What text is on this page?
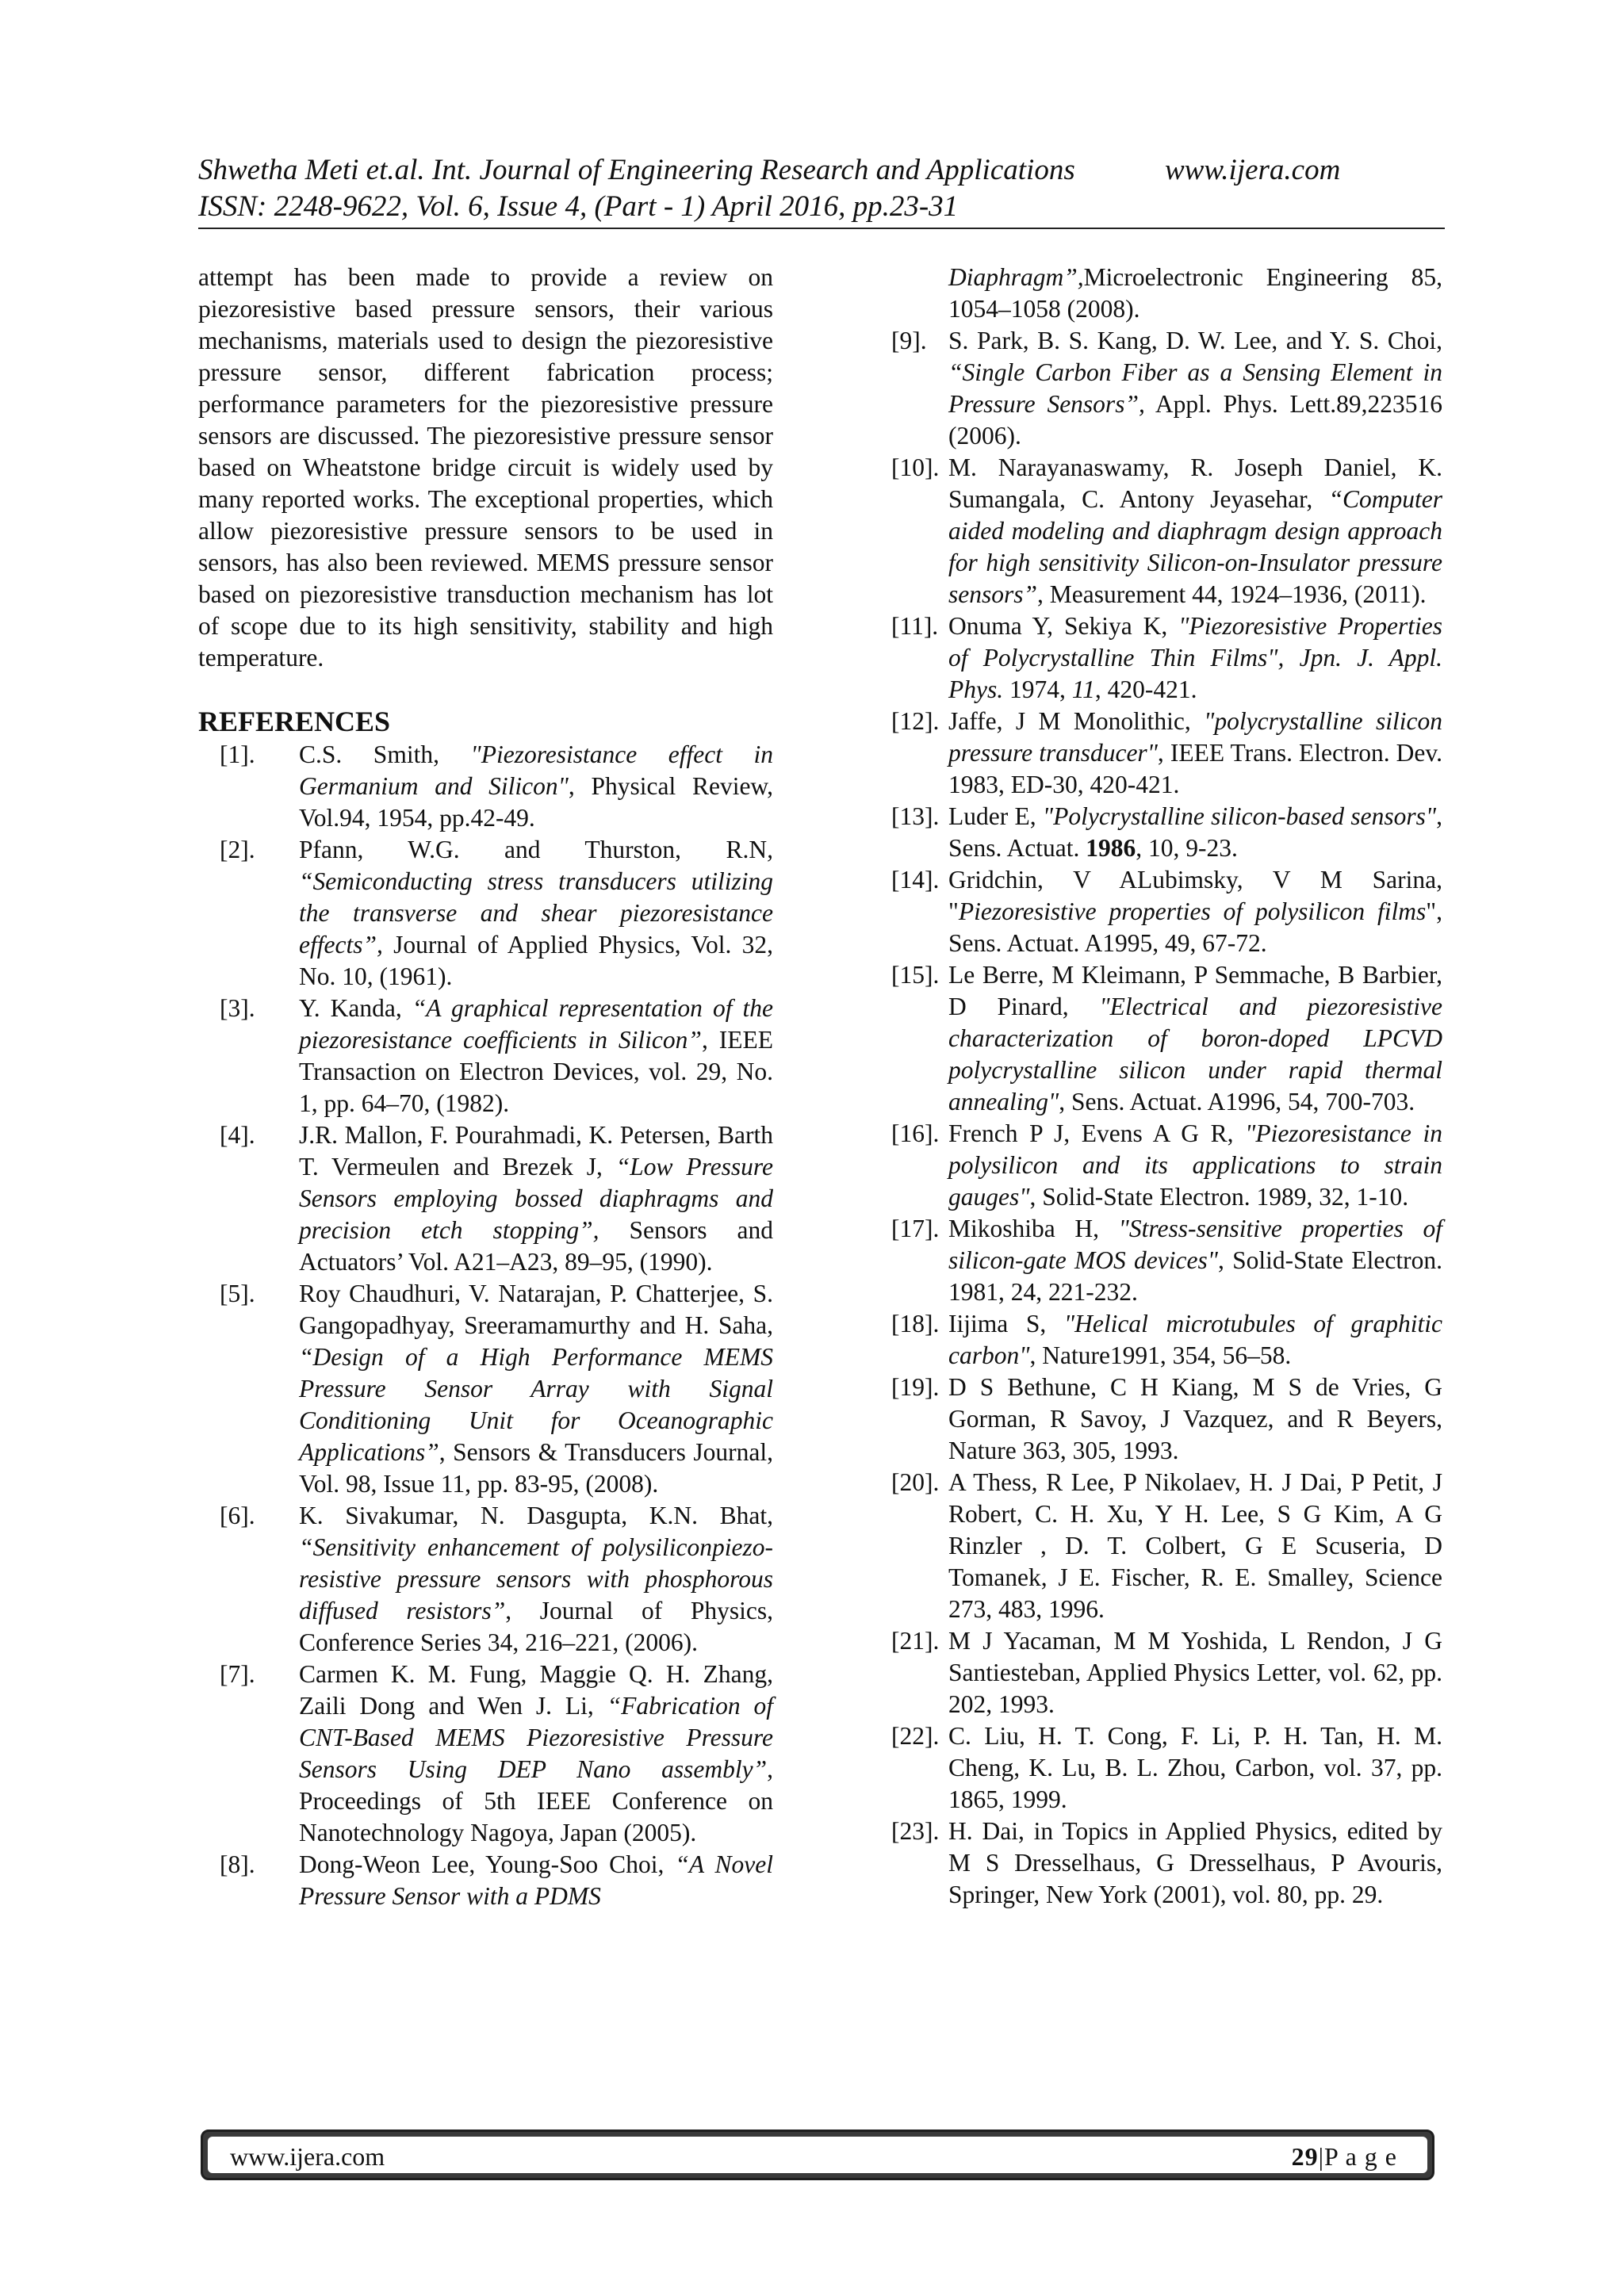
Shwetha Meti et.al. Int. Journal of Engineering Research and Applications	www.ijera.com
ISSN: 2248-9622, Vol. 6, Issue 4, (Part - 1) April 2016, pp.23-31
attempt has been made to provide a review on piezoresistive based pressure sensors, their various mechanisms, materials used to design the piezoresistive pressure sensor, different fabrication process; performance parameters for the piezoresistive pressure sensors are discussed. The piezoresistive pressure sensor based on Wheatstone bridge circuit is widely used by many reported works. The exceptional properties, which allow piezoresistive pressure sensors to be used in sensors, has also been reviewed. MEMS pressure sensor based on piezoresistive transduction mechanism has lot of scope due to its high sensitivity, stability and high temperature.
REFERENCES
[1].	C.S. Smith, "Piezoresistance effect in Germanium and Silicon", Physical Review, Vol.94, 1954, pp.42-49.
[2].	Pfann, W.G. and Thurston, R.N, “Semiconducting stress transducers utilizing the transverse and shear piezoresistance effects”, Journal of Applied Physics, Vol. 32, No. 10, (1961).
[3].	Y. Kanda, “A graphical representation of the piezoresistance coefficients in Silicon”, IEEE Transaction on Electron Devices, vol. 29, No. 1, pp. 64–70, (1982).
[4].	J.R. Mallon, F. Pourahmadi, K. Petersen, Barth T. Vermeulen and Brezek J, “Low Pressure Sensors employing bossed diaphragms and precision etch stopping”, Sensors and Actuators’ Vol. A21–A23, 89–95, (1990).
[5].	Roy Chaudhuri, V. Natarajan, P. Chatterjee, S. Gangopadhyay, Sreeramamurthy and H. Saha, “Design of a High Performance MEMS Pressure Sensor Array with Signal Conditioning Unit for Oceanographic Applications”, Sensors & Transducers Journal, Vol. 98, Issue 11, pp. 83-95, (2008).
[6].	K. Sivakumar, N. Dasgupta, K.N. Bhat, “Sensitivity enhancement of polysiliconpiezo-resistive pressure sensors with phosphorous diffused resistors”, Journal of Physics, Conference Series 34, 216–221, (2006).
[7].	Carmen K. M. Fung, Maggie Q. H. Zhang, Zaili Dong and Wen J. Li, “Fabrication of CNT-Based MEMS Piezoresistive Pressure Sensors Using DEP Nano assembly”, Proceedings of 5th IEEE Conference on Nanotechnology Nagoya, Japan (2005).
[8].	Dong-Weon Lee, Young-Soo Choi, “A Novel Pressure Sensor with a PDMS
Diaphragm”,Microelectronic Engineering 85, 1054–1058 (2008).
[9]. S. Park, B. S. Kang, D. W. Lee, and Y. S. Choi, “Single Carbon Fiber as a Sensing Element in Pressure Sensors”, Appl. Phys. Lett.89,223516 (2006).
[10]. M. Narayanaswamy, R. Joseph Daniel, K. Sumangala, C. Antony Jeyasehar, “Computer aided modeling and diaphragm design approach for high sensitivity Silicon-on-Insulator pressure sensors”, Measurement 44, 1924–1936, (2011).
[11]. Onuma Y, Sekiya K, "Piezoresistive Properties of Polycrystalline Thin Films", Jpn. J. Appl. Phys. 1974, 11, 420-421.
[12]. Jaffe, J M Monolithic, "polycrystalline silicon pressure transducer", IEEE Trans. Electron. Dev. 1983, ED-30, 420-421.
[13]. Luder E, "Polycrystalline silicon-based sensors", Sens. Actuat. 1986, 10, 9-23.
[14]. Gridchin, V ALubimsky, V M Sarina, "Piezoresistive properties of polysilicon films", Sens. Actuat. A1995, 49, 67-72.
[15]. Le Berre, M Kleimann, P Semmache, B Barbier, D Pinard, "Electrical and piezoresistive characterization of boron-doped LPCVD polycrystalline silicon under rapid thermal annealing", Sens. Actuat. A1996, 54, 700-703.
[16]. French P J, Evens A G R, "Piezoresistance in polysilicon and its applications to strain gauges", Solid-State Electron. 1989, 32, 1-10.
[17]. Mikoshiba H, "Stress-sensitive properties of silicon-gate MOS devices", Solid-State Electron. 1981, 24, 221-232.
[18]. Iijima S, "Helical microtubules of graphitic carbon", Nature1991, 354, 56–58.
[19]. D S Bethune, C H Kiang, M S de Vries, G Gorman, R Savoy, J Vazquez, and R Beyers, Nature 363, 305, 1993.
[20]. A Thess, R Lee, P Nikolaev, H. J Dai, P Petit, J Robert, C. H. Xu, Y H. Lee, S G Kim, A G Rinzler , D. T. Colbert, G E Scuseria, D Tomanek, J E. Fischer, R. E. Smalley, Science 273, 483, 1996.
[21]. M J Yacaman, M M Yoshida, L Rendon, J G Santiesteban, Applied Physics Letter, vol. 62, pp. 202, 1993.
[22]. C. Liu, H. T. Cong, F. Li, P. H. Tan, H. M. Cheng, K. Lu, B. L. Zhou, Carbon, vol. 37, pp. 1865, 1999.
[23]. H. Dai, in Topics in Applied Physics, edited by M S Dresselhaus, G Dresselhaus, P Avouris, Springer, New York (2001), vol. 80, pp. 29.
www.ijera.com	29|P a g e
